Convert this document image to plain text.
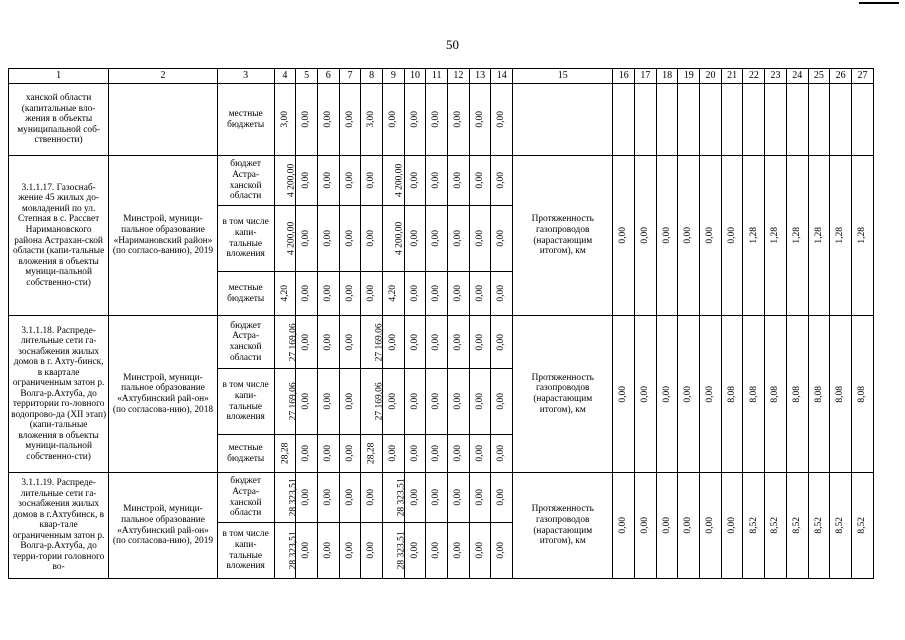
50
1	2	3	4	5	6	7	8	9	10	11	12	13	14	15	16	17	18	19	20	21	22	23	24	25	26	27
ханской области (капитальные вло-жения в объекты муниципальной соб-ственности)		местные бюджеты	3,00	0,00	0,00	0,00	3,00	0,00	0,00	0,00	0,00	0,00	0,00													
3.1.1.17. Газоснаб-жение 45 жилых до-мовладений по ул. Степная в с. Рассвет Наримановского района Астрахан-ской области (капи-тальные вложения в объекты муници-пальной собственно-сти)	Минстрой, муници-пальное образование «Наримановский район» (по согласо-ванию), 2019	бюджет Астра-ханской области	4 200,00	0,00	0,00	0,00	0,00	4 200,00	0,00	0,00	0,00	0,00	0,00	Протяженность газопроводов (нарастающим итогом), км	0,00	0,00	0,00	0,00	0,00	0,00	1,28	1,28	1,28	1,28	1,28	1,28
		в том числе капи-тальные вложения	4 200,00	0,00	0,00	0,00	0,00	4 200,00	0,00	0,00	0,00	0,00	0,00													
		местные бюджеты	4,20	0,00	0,00	0,00	0,00	4,20	0,00	0,00	0,00	0,00	0,00													
3.1.1.18. Распреде-лительные сети га-зоснабжения жилых домов в г. Ахту-бинск, в квартале ограниченным затон р. Волга-р.Ахтуба, до территории го-ловного водопрово-да (XII этап) (капи-тальные вложения в объекты муници-пальной собственно-сти)	Минстрой, муници-пальное образование «Ахтубинский рай-он» (по согласова-нию), 2018	бюджет Астра-ханской области	27 169,06	0,00	0,00	0,00	27 169,06	0,00	0,00	0,00	0,00	0,00	0,00	Протяженность газопроводов (нарастающим итогом), км	0,00	0,00	0,00	0,00	0,00	8,08	8,08	8,08	8,08	8,08	8,08	8,08
		в том числе капи-тальные вложения	27 169,06	0,00	0,00	0,00	27 169,06	0,00	0,00	0,00	0,00	0,00	0,00													
		местные бюджеты	28,28	0,00	0,00	0,00	28,28	0,00	0,00	0,00	0,00	0,00	0,00													
3.1.1.19. Распреде-лительные сети га-зоснабжения жилых домов в г.Ахтубинск, в квар-тале ограниченным затон р. Волга-р.Ахтуба, до терри-тории головного во-	Минстрой, муници-пальное образование «Ахтубинский рай-он» (по согласова-нию), 2019	бюджет Астра-ханской области	28 323,51	0,00	0,00	0,00	0,00	28 323,51	0,00	0,00	0,00	0,00	0,00	Протяженность газопроводов (нарастающим итогом), км	0,00	0,00	0,00	0,00	0,00	0,00	8,52	8,52	8,52	8,52	8,52	8,52
		в том числе капи-тальные вложения	28 323,51	0,00	0,00	0,00	0,00	28 323,51	0,00	0,00	0,00	0,00	0,00													
